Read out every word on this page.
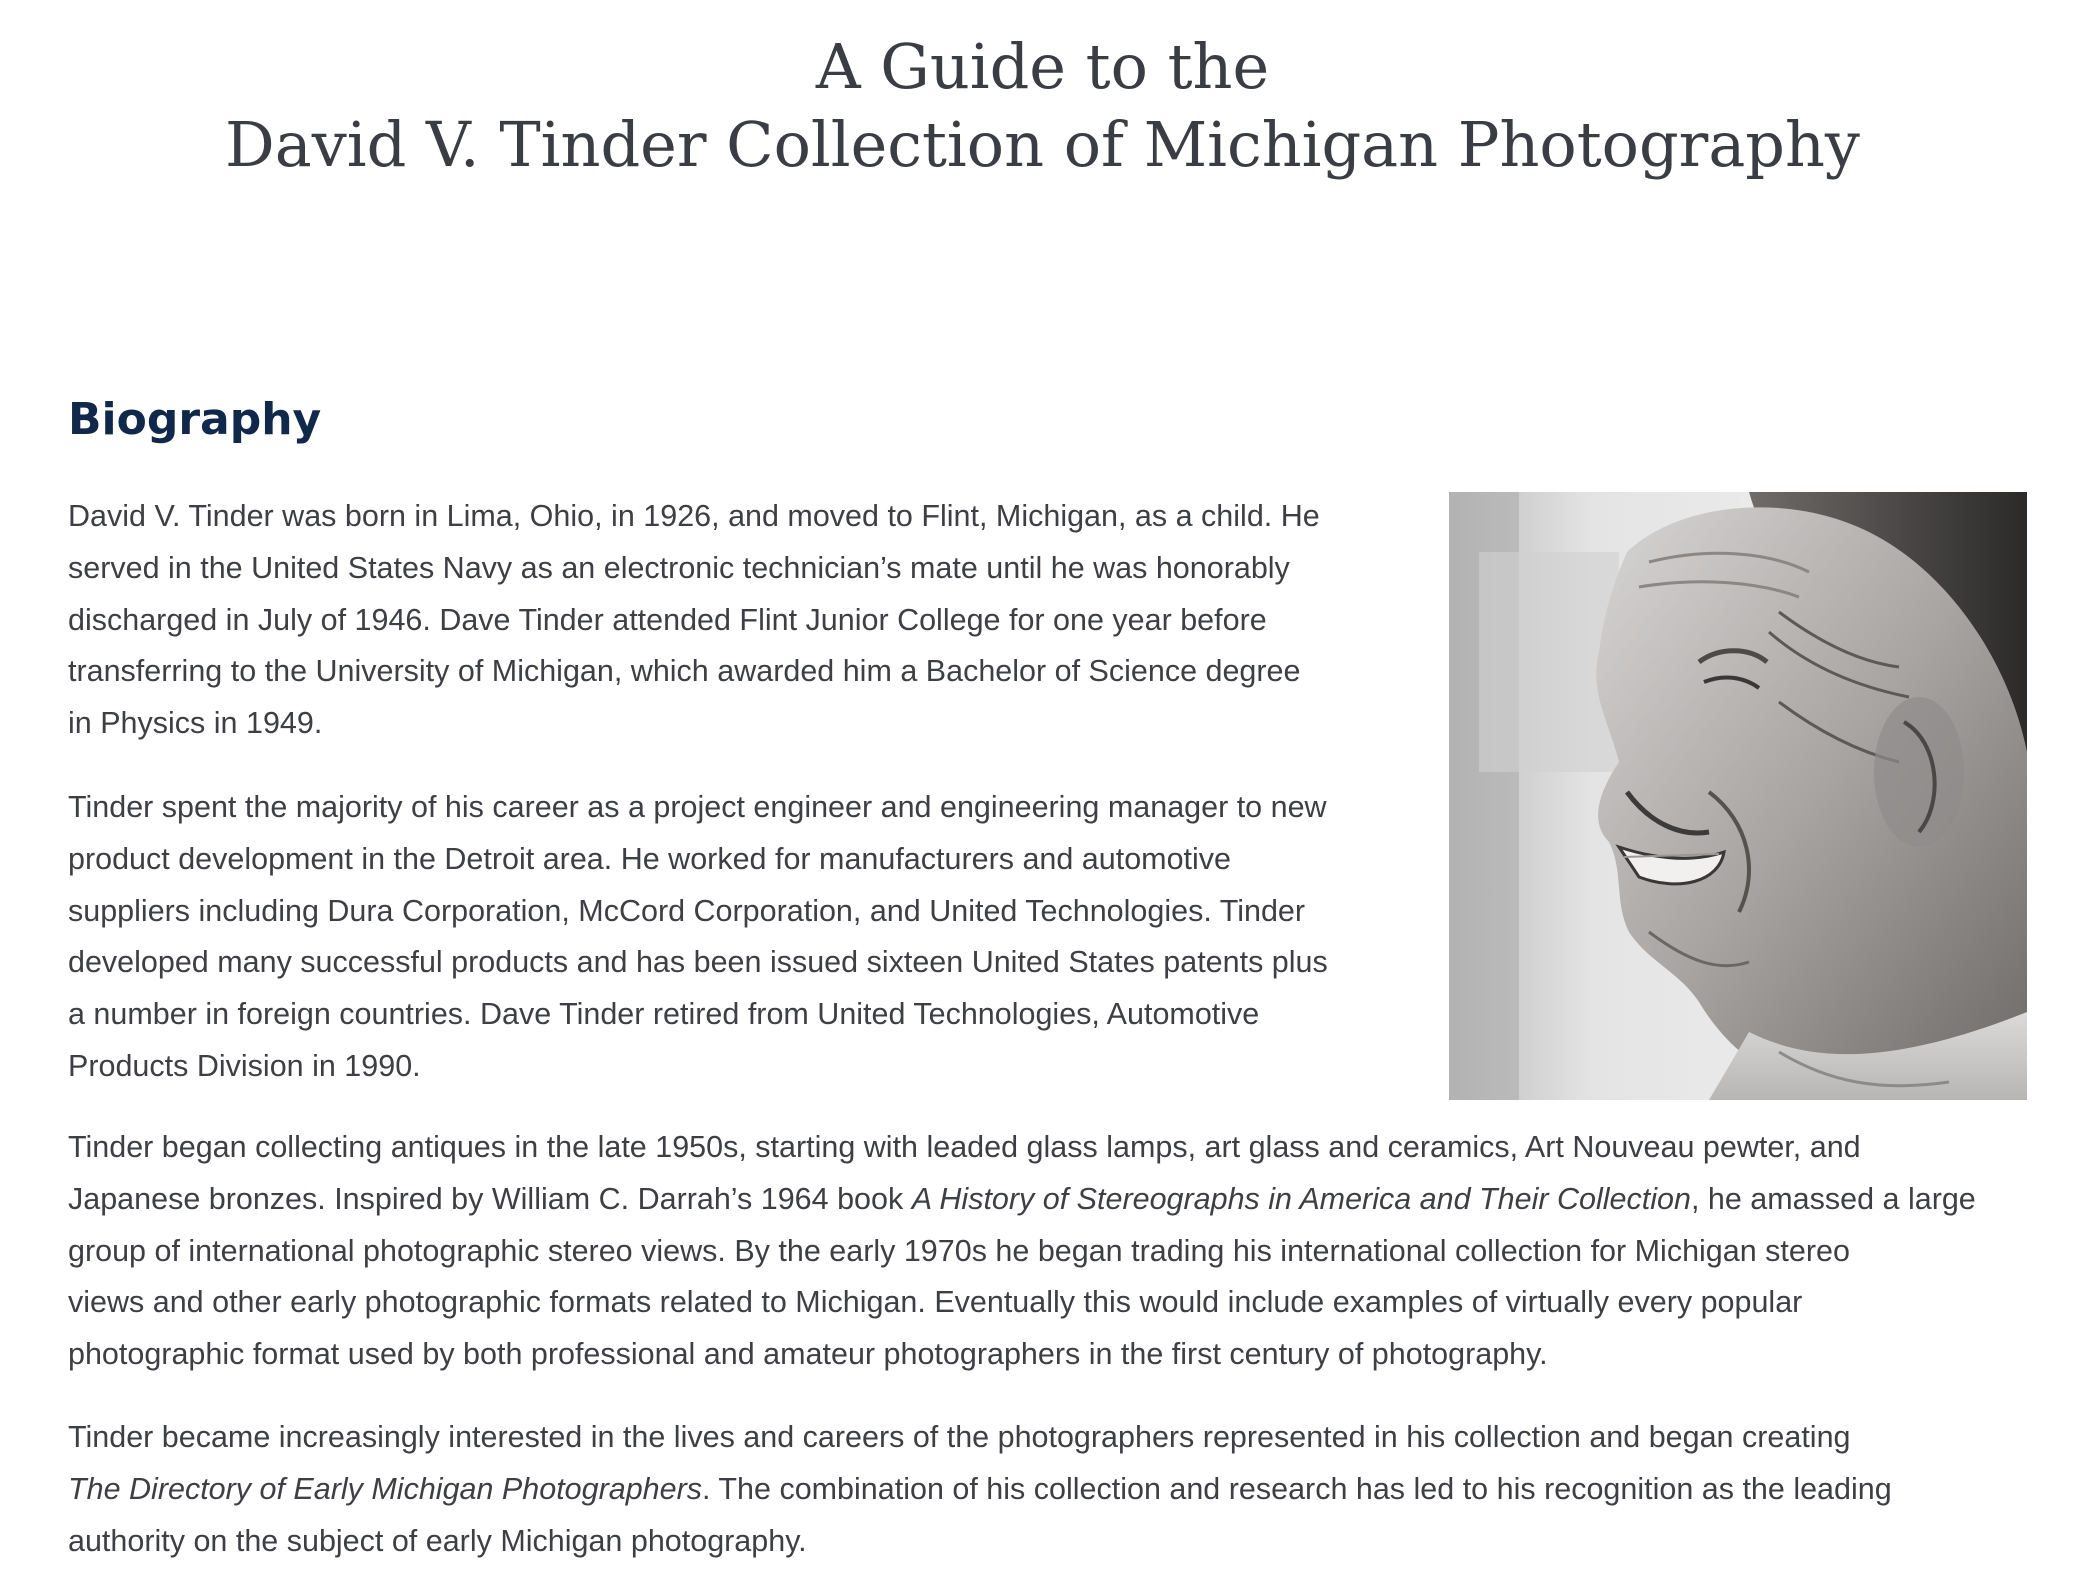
A Guide to the
David V. Tinder Collection of Michigan Photography
Biography

David V. Tinder was born in Lima, Ohio, in 1926, and moved to Flint, Michigan, as a child. He
served in the United States Navy as an electronic technician’s mate until he was honorably
discharged in July of 1946. Dave Tinder attended Flint Junior College for one year before
transferring to the University of Michigan, which awarded him a Bachelor of Science degree
in Physics in 1949.

Tinder spent the majority of his career as a project engineer and engineering manager to new
product development in the Detroit area. He worked for manufacturers and automotive
suppliers including Dura Corporation, McCord Corporation, and United Technologies. Tinder
developed many successful products and has been issued sixteen United States patents plus
a number in foreign countries. Dave Tinder retired from United Technologies, Automotive
Products Division in 1990.

Tinder began collecting antiques in the late 1950s, starting with leaded glass lamps, art glass and ceramics, Art Nouveau pewter, and
Japanese bronzes. Inspired by William C. Darrah’s 1964 book A History of Stereographs in America and Their Collection, he amassed a large
group of international photographic stereo views. By the early 1970s he began trading his international collection for Michigan stereo
views and other early photographic formats related to Michigan. Eventually this would include examples of virtually every popular
photographic format used by both professional and amateur photographers in the first century of photography.

Tinder became increasingly interested in the lives and careers of the photographers represented in his collection and began creating
The Directory of Early Michigan Photographers. The combination of his collection and research has led to his recognition as the leading
authority on the subject of early Michigan photography.
